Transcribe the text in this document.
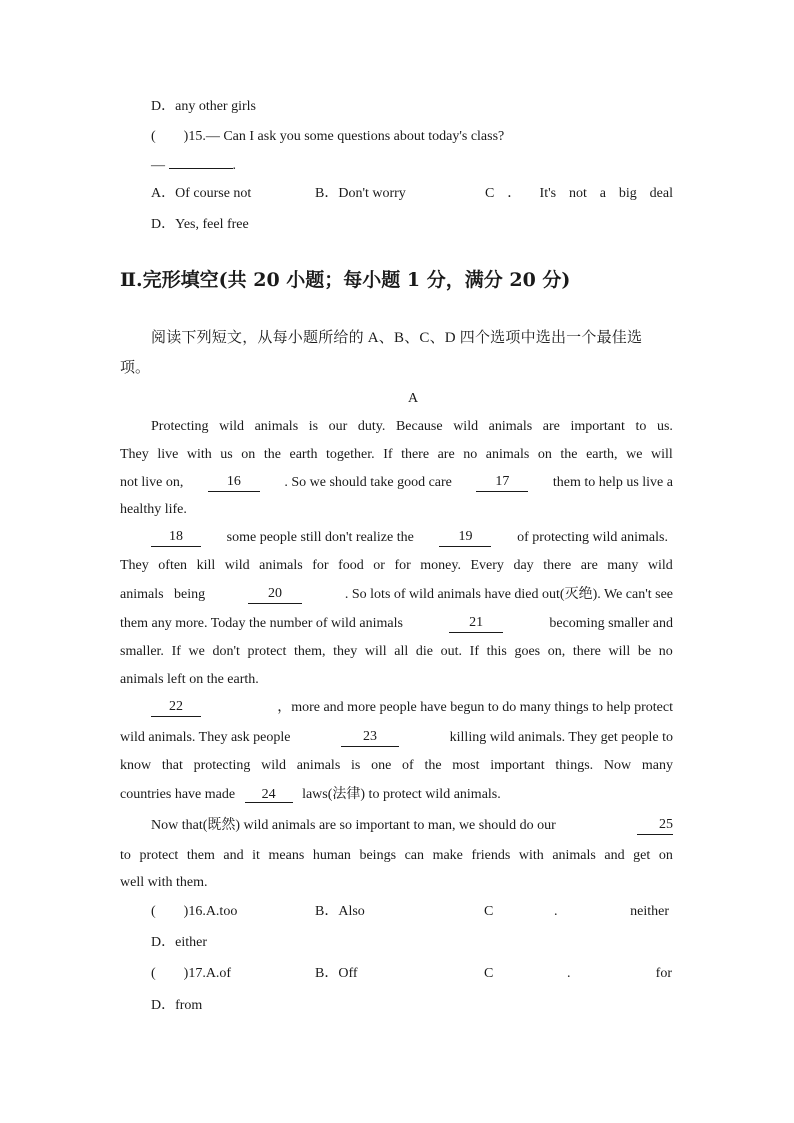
D．any other girls
(　　)15.— Can I ask you some questions about today's class?
—	.
A．Of course not	B．Don't worry	C ． It's not a big deal
D．Yes, feel free
Ⅱ.完形填空(共 20 小题；每小题 1 分，满分 20 分)
阅读下列短文，从每小题所给的 A、B、C、D 四个选项中选出一个最佳选
项。
A
Protecting wild animals is our duty. Because wild animals are important to us.
They live with us on the earth together. If there are no animals on the earth, we will
not live on,	16	. So we should take good care	17	them to help us live a
healthy life.
18	some people still don't realize the	19	of protecting wild animals.
They often kill wild animals for food or for money. Every day there are many wild
animals   being	20	. So lots of wild animals have died out(灭绝). We can't see
them any more. Today the number of wild animals	21	becoming smaller and
smaller. If we don't protect them, they will all die out. If this goes on, there will be no
animals left on the earth.
22	，more and more people have begun to do many things to help protect
wild animals. They ask people	23	killing wild animals. They get people to
know that protecting wild animals is one of the most important things. Now many
countries have made 24 laws(法律) to protect wild animals.
Now that(既然) wild animals are so important to man, we should do our	25
to protect them and it means human beings can make friends with animals and get on
well with them.
(　　)16.A.too	B．Also	C	.	neither
D．either
(　　)17.A.of	B．Off	C	.	for
D．from
